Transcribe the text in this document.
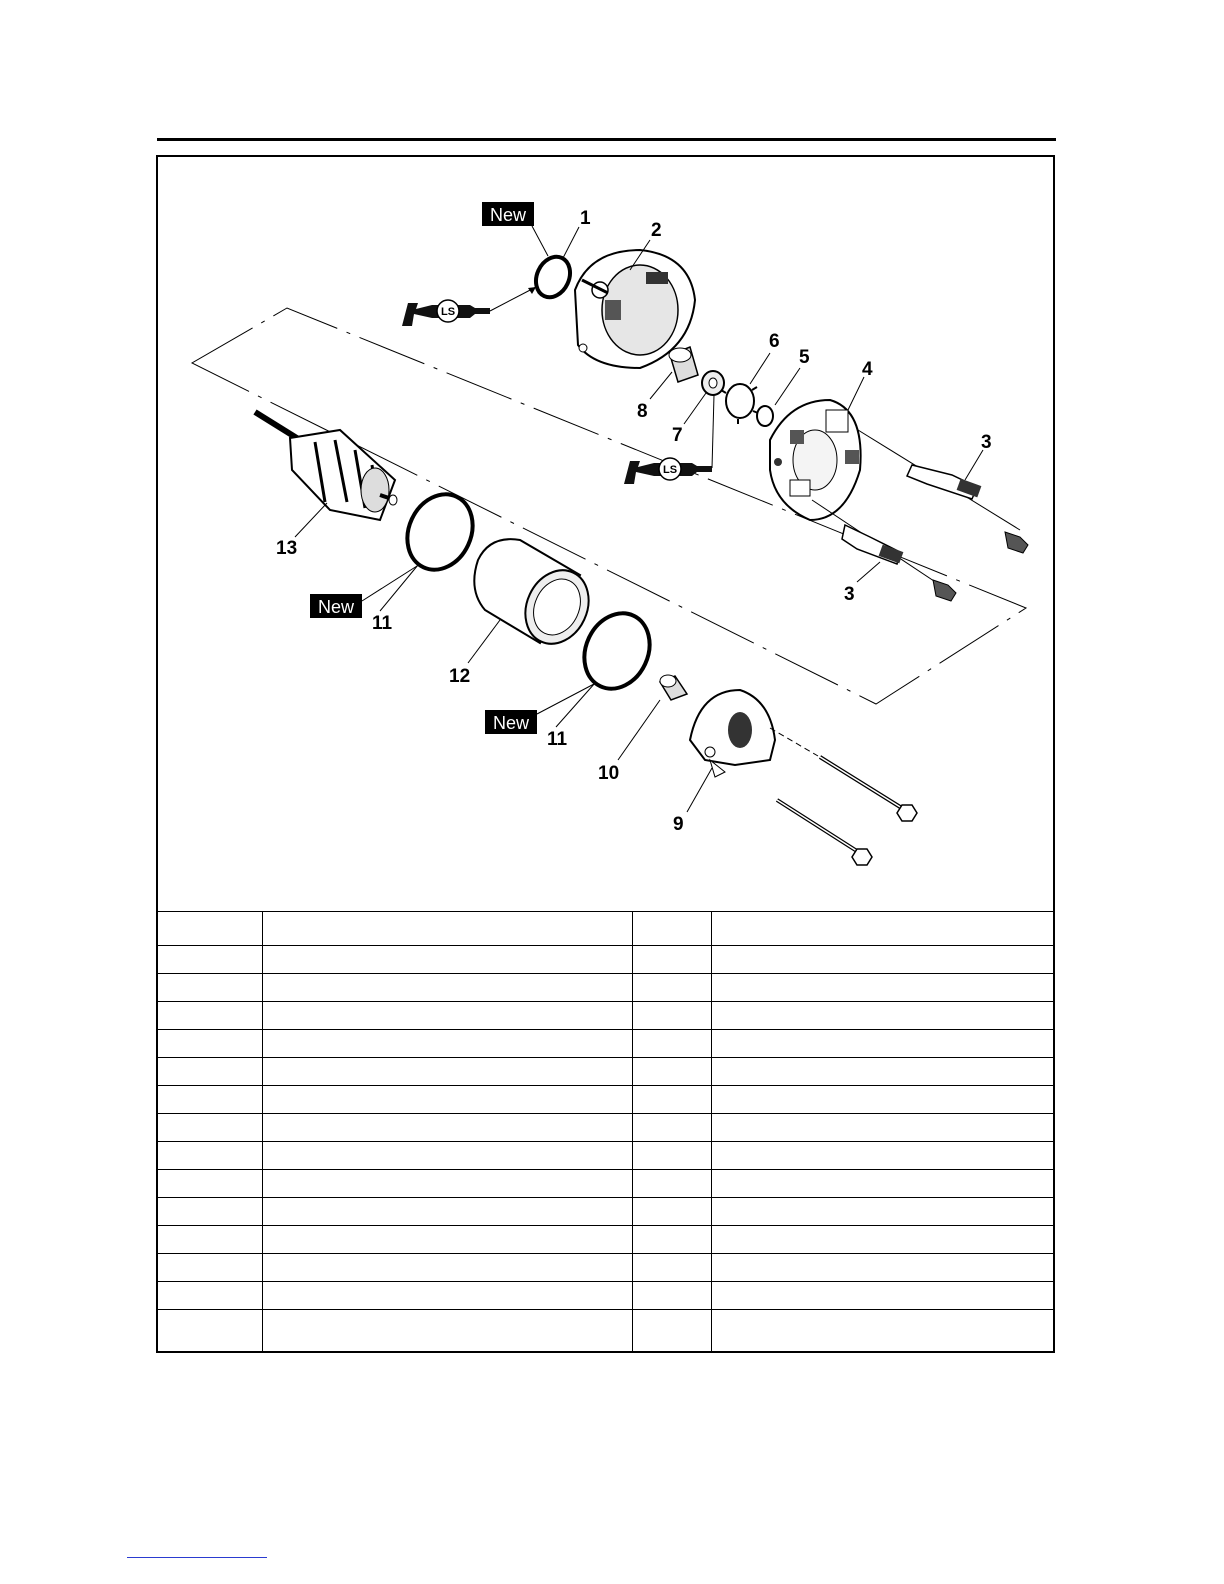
LS
LS
New
New
New
1
2
3
3
4
5
6
7
8
9
10
11
11
12
13
